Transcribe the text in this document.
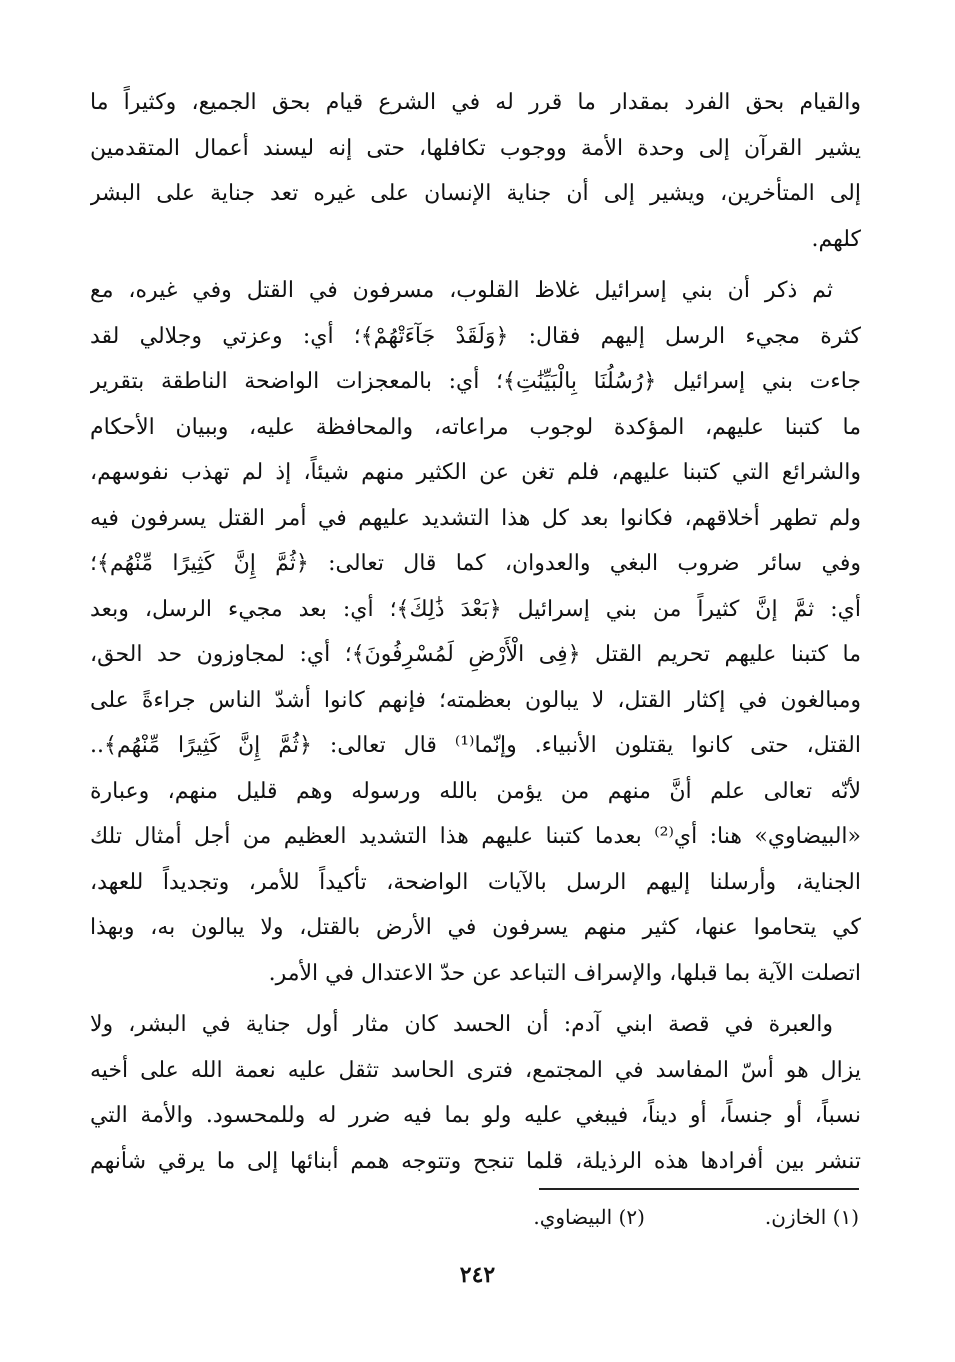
والقيام بحق الفرد بمقدار ما قرر له في الشرع قيام بحق الجميع، وكثيراً ما
يشير القرآن إلى وحدة الأمة ووجوب تكافلها، حتى إنه ليسند أعمال المتقدمين
إلى المتأخرين، ويشير إلى أن جناية الإنسان على غيره تعد جناية على البشر
كلهم.

ثم ذكر أن بني إسرائيل غلاظ القلوب، مسرفون في القتل وفي غيره، مع
كثرة مجيء الرسل إليهم فقال: ﴿وَلَقَدْ جَآءَتْهُمْ﴾؛ أي: وعزتي وجلالي لقد
جاءت بني إسرائيل ﴿رُسُلُنَا بِالْبَيِّنَٰتِ﴾؛ أي: بالمعجزات الواضحة الناطقة بتقرير
ما كتبنا عليهم، المؤكدة لوجوب مراعاته، والمحافظة عليه، وببيان الأحكام
والشرائع التي كتبنا عليهم، فلم تغن عن الكثير منهم شيئاً، إذ لم تهذب نفوسهم،
ولم تطهر أخلاقهم، فكانوا بعد كل هذا التشديد عليهم في أمر القتل يسرفون فيه
وفي سائر ضروب البغي والعدوان، كما قال تعالى: ﴿ثُمَّ إِنَّ كَثِيرًا مِّنْهُم﴾؛
أي: ثمَّ إنَّ كثيراً من بني إسرائيل ﴿بَعْدَ ذَٰلِكَ﴾؛ أي: بعد مجيء الرسل، وبعد
ما كتبنا عليهم تحريم القتل ﴿فِى الْأَرْضِ لَمُسْرِفُونَ﴾؛ أي: لمجاوزون حد الحق،
ومبالغون في إكثار القتل، لا يبالون بعظمته؛ فإنهم كانوا أشدّ الناس جراءةً على
القتل، حتى كانوا يقتلون الأنبياء. وإنّما⁽¹⁾ قال تعالى: ﴿ثُمَّ إِنَّ كَثِيرًا مِّنْهُم﴾..
لأنّه تعالى علم أنَّ منهم من يؤمن بالله ورسوله وهم قليل منهم، وعبارة
«البيضاوي» هنا: أي⁽²⁾ بعدما كتبنا عليهم هذا التشديد العظيم من أجل أمثال تلك
الجناية، وأرسلنا إليهم الرسل بالآيات الواضحة، تأكيداً للأمر، وتجديداً للعهد،
كي يتحاموا عنها، كثير منهم يسرفون في الأرض بالقتل، ولا يبالون به، وبهذا
اتصلت الآية بما قبلها، والإسراف التباعد عن حدّ الاعتدال في الأمر.

والعبرة في قصة ابني آدم: أن الحسد كان مثار أول جناية في البشر، ولا
يزال هو أسّ المفاسد في المجتمع، فترى الحاسد تثقل عليه نعمة الله على أخيه
نسباً، أو جنساً، أو ديناً، فيبغي عليه ولو بما فيه ضرر له وللمحسود. والأمة التي
تنشر بين أفرادها هذه الرذيلة، قلما تنجح وتتوجه همم أبنائها إلى ما يرقي شأنهم

(١) الخازن.
(٢) البيضاوي.
٢٤٢
